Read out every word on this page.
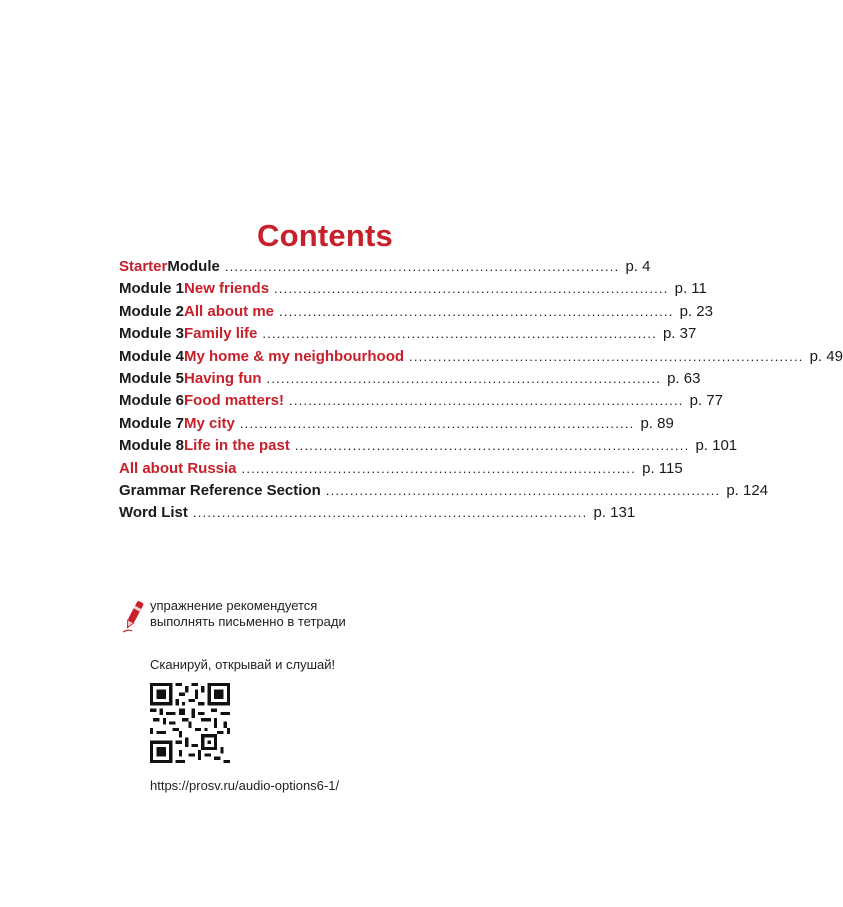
Contents
Starter Module .................................................................................. p. 4
Module 1 New friends .................................................................................. p. 11
Module 2 All about me .................................................................................. p. 23
Module 3 Family life .................................................................................. p. 37
Module 4 My home & my neighbourhood .................................................................................. p. 49
Module 5 Having fun .................................................................................. p. 63
Module 6 Food matters! .................................................................................. p. 77
Module 7 My city .................................................................................. p. 89
Module 8 Life in the past .................................................................................. p. 101
All about Russia .................................................................................. p. 115
Grammar Reference Section .................................................................................. p. 124
Word List .................................................................................. p. 131
упражнение рекомендуется
выполнять письменно в тетради
Сканируй, открывай и слушай!
https://prosv.ru/audio-options6-1/
